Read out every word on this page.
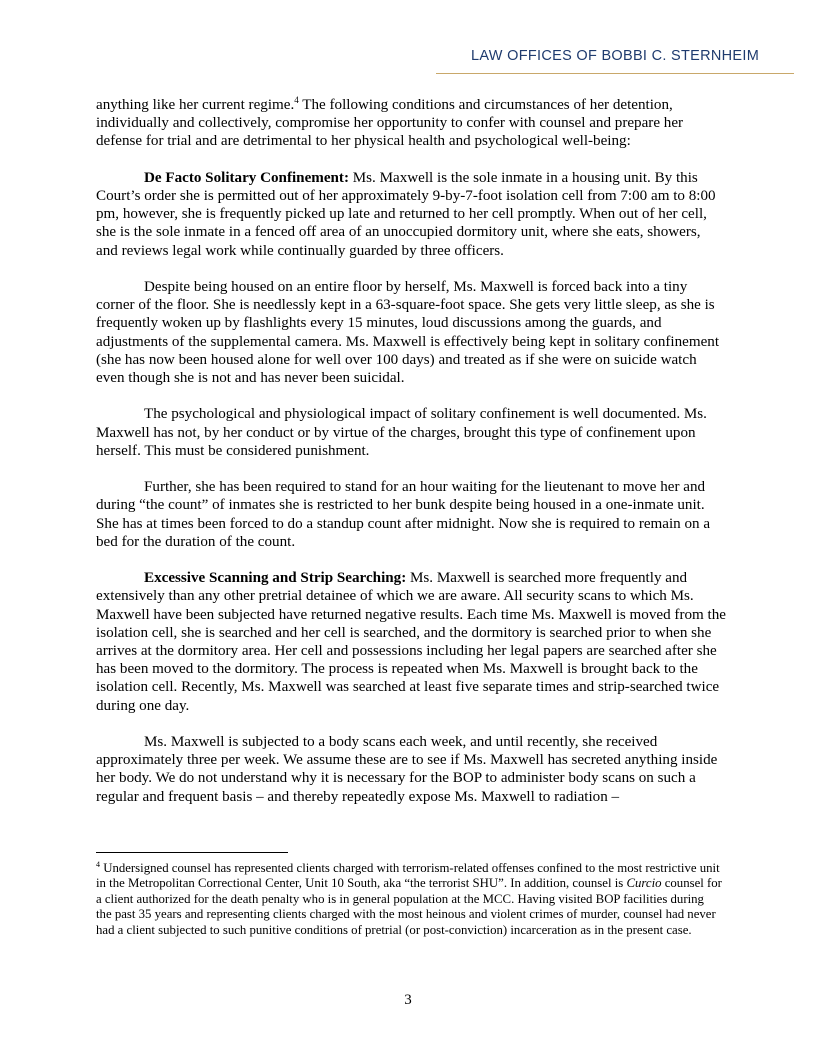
LAW OFFICES OF BOBBI C. STERNHEIM

anything like her current regime.$^4$ The following conditions and circumstances of her detention, individually and collectively, compromise her opportunity to confer with counsel and prepare her defense for trial and are detrimental to her physical health and psychological well-being:

De Facto Solitary Confinement: Ms. Maxwell is the sole inmate in a housing unit. By this Court’s order she is permitted out of her approximately 9-by-7-foot isolation cell from 7:00 am to 8:00 pm, however, she is frequently picked up late and returned to her cell promptly. When out of her cell, she is the sole inmate in a fenced off area of an unoccupied dormitory unit, where she eats, showers, and reviews legal work while continually guarded by three officers.

Despite being housed on an entire floor by herself, Ms. Maxwell is forced back into a tiny corner of the floor. She is needlessly kept in a 63-square-foot space. She gets very little sleep, as she is frequently woken up by flashlights every 15 minutes, loud discussions among the guards, and adjustments of the supplemental camera. Ms. Maxwell is effectively being kept in solitary confinement (she has now been housed alone for well over 100 days) and treated as if she were on suicide watch even though she is not and has never been suicidal.

The psychological and physiological impact of solitary confinement is well documented. Ms. Maxwell has not, by her conduct or by virtue of the charges, brought this type of confinement upon herself. This must be considered punishment.

Further, she has been required to stand for an hour waiting for the lieutenant to move her and during “the count” of inmates she is restricted to her bunk despite being housed in a one-inmate unit. She has at times been forced to do a standup count after midnight. Now she is required to remain on a bed for the duration of the count.

Excessive Scanning and Strip Searching: Ms. Maxwell is searched more frequently and extensively than any other pretrial detainee of which we are aware. All security scans to which Ms. Maxwell have been subjected have returned negative results. Each time Ms. Maxwell is moved from the isolation cell, she is searched and her cell is searched, and the dormitory is searched prior to when she arrives at the dormitory area. Her cell and possessions including her legal papers are searched after she has been moved to the dormitory. The process is repeated when Ms. Maxwell is brought back to the isolation cell. Recently, Ms. Maxwell was searched at least five separate times and strip-searched twice during one day.

Ms. Maxwell is subjected to a body scans each week, and until recently, she received approximately three per week. We assume these are to see if Ms. Maxwell has secreted anything inside her body. We do not understand why it is necessary for the BOP to administer body scans on such a regular and frequent basis – and thereby repeatedly expose Ms. Maxwell to radiation –

$^4$ Undersigned counsel has represented clients charged with terrorism-related offenses confined to the most restrictive unit in the Metropolitan Correctional Center, Unit 10 South, aka “the terrorist SHU”. In addition, counsel is Curcio counsel for a client authorized for the death penalty who is in general population at the MCC. Having visited BOP facilities during the past 35 years and representing clients charged with the most heinous and violent crimes of murder, counsel had never had a client subjected to such punitive conditions of pretrial (or post-conviction) incarceration as in the present case.
3
